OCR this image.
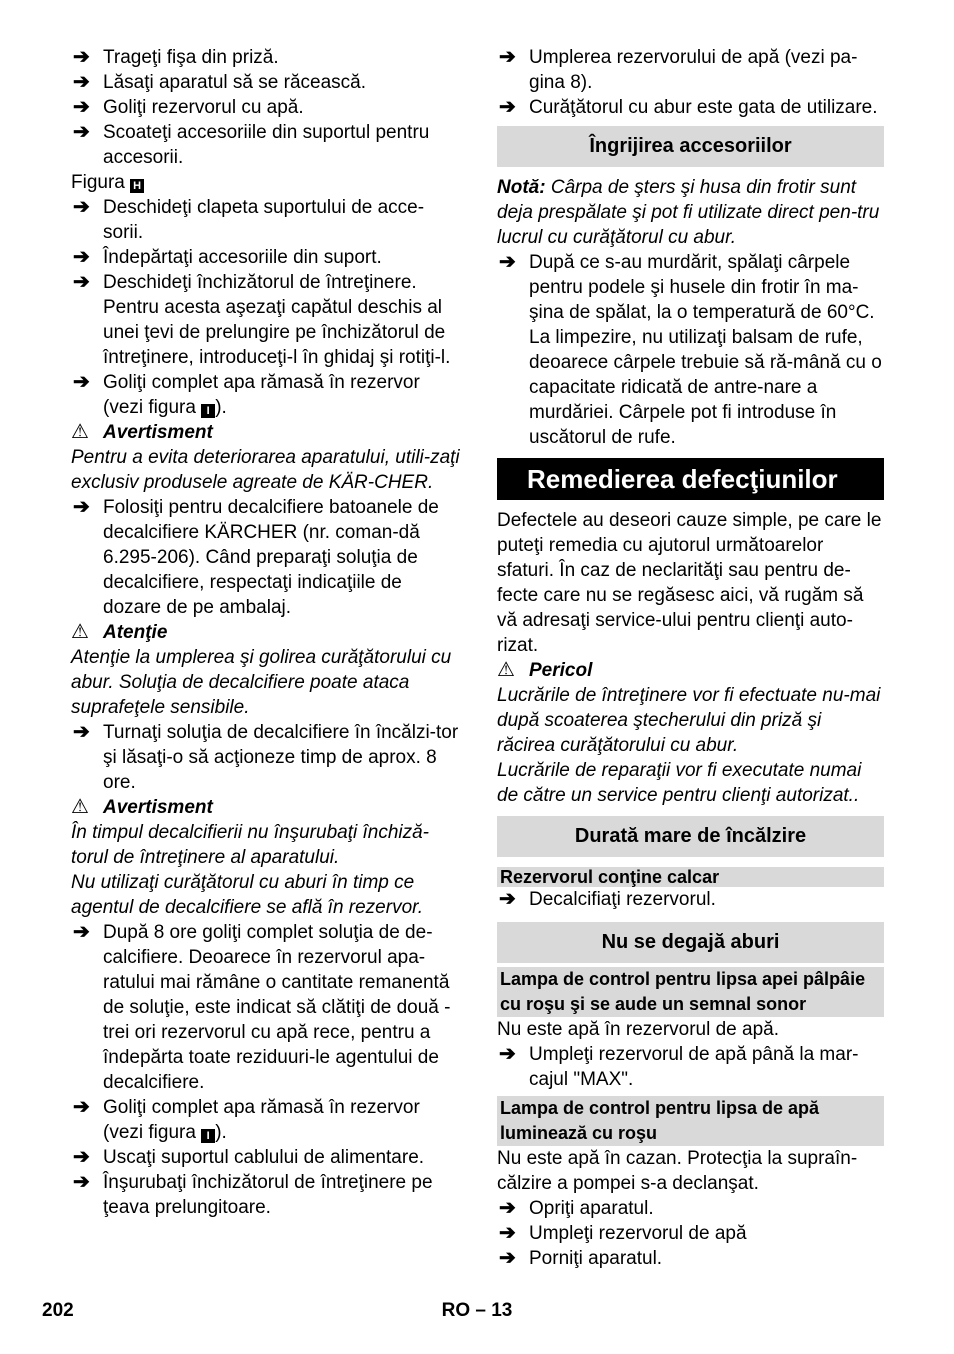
➔ Trageţi fişa din priză.

➔ Lăsaţi aparatul să se răcească.

➔ Goliţi rezervorul cu apă.

➔ Scoateţi accesoriile din suportul pentru accesorii.

Figura H

➔ Deschideţi clapeta suportului de acce-sorii.

➔ Îndepărtaţi accesoriile din suport.

➔ Deschideţi închizătorul de întreţinere. Pentru acesta aşezaţi capătul deschis al unei ţevi de prelungire pe închizătorul de întreţinere, introduceţi-l în ghidaj şi rotiţi-l.

➔ Goliţi complet apa rămasă în rezervor (vezi figura I ).

⚠ Avertisment

Pentru a evita deteriorarea aparatului, utili-zaţi exclusiv produsele agreate de KÄR-CHER.

➔ Folosiţi pentru decalcifiere batoanele de decalcifiere KÄRCHER (nr. coman-dă 6.295-206). Când preparaţi soluţia de decalcifiere, respectaţi indicaţiile de dozare de pe ambalaj.

⚠ Atenţie

Atenţie la umplerea şi golirea curăţătorului cu abur. Soluţia de decalcifiere poate ataca suprafeţele sensibile.

➔ Turnaţi soluţia de decalcifiere în încălzi-tor şi lăsaţi-o să acţioneze timp de aprox. 8 ore.

⚠ Avertisment

În timpul decalcifierii nu înşurubaţi închiză-torul de întreţinere al aparatului.

Nu utilizaţi curăţătorul cu aburi în timp ce agentul de decalcifiere se află în rezervor.

➔ După 8 ore goliţi complet soluţia de de-calcifiere. Deoarece în rezervorul apa-ratului mai rămâne o cantitate remanentă de soluţie, este indicat să clătiţi de două - trei ori rezervorul cu apă rece, pentru a îndepărta toate reziduuri-le agentului de decalcifiere.

➔ Goliţi complet apa rămasă în rezervor (vezi figura I ).

➔ Uscaţi suportul cablului de alimentare.

➔ Înşurubaţi închizătorul de întreţinere pe ţeava prelungitoare.

➔ Umplerea rezervorului de apă (vezi pa-gina 8).

➔ Curăţătorul cu abur este gata de utilizare.

Îngrijirea accesoriilor

Notă: Cârpa de şters şi husa din frotir sunt deja prespălate şi pot fi utilizate direct pen-tru lucrul cu curăţătorul cu abur.

➔ După ce s-au murdărit, spălaţi cârpele pentru podele şi husele din frotir în ma-şina de spălat, la o temperatură de 60°C. La limpezire, nu utilizaţi balsam de rufe, deoarece cârpele trebuie să ră-mână cu o capacitate ridicată de antre-nare a murdăriei. Cârpele pot fi introduse în uscătorul de rufe.

Remedierea defecţiunilor

Defectele au deseori cauze simple, pe care le puteţi remedia cu ajutorul următoarelor sfaturi. În caz de neclarităţi sau pentru de-fecte care nu se regăsesc aici, vă rugăm să vă adresaţi service-ului pentru clienţi auto-rizat.

⚠ Pericol

Lucrările de întreţinere vor fi efectuate nu-mai după scoaterea ştecherului din priză şi răcirea curăţătorului cu abur.

Lucrările de reparaţii vor fi executate numai de către un service pentru clienţi autorizat..

Durată mare de încălzire

Rezervorul conţine calcar

➔ Decalcifiaţi rezervorul.

Nu se degajă aburi

Lampa de control pentru lipsa apei pâlpâie cu roşu şi se aude un semnal sonor

Nu este apă în rezervorul de apă.

➔ Umpleţi rezervorul de apă până la mar-cajul "MAX".

Lampa de control pentru lipsa de apă luminează cu roşu

Nu este apă în cazan. Protecţia la supraîn-călzire a pompei s-a declanşat.

➔ Opriţi aparatul.

➔ Umpleţi rezervorul de apă

➔ Porniţi aparatul.

202	RO – 13
